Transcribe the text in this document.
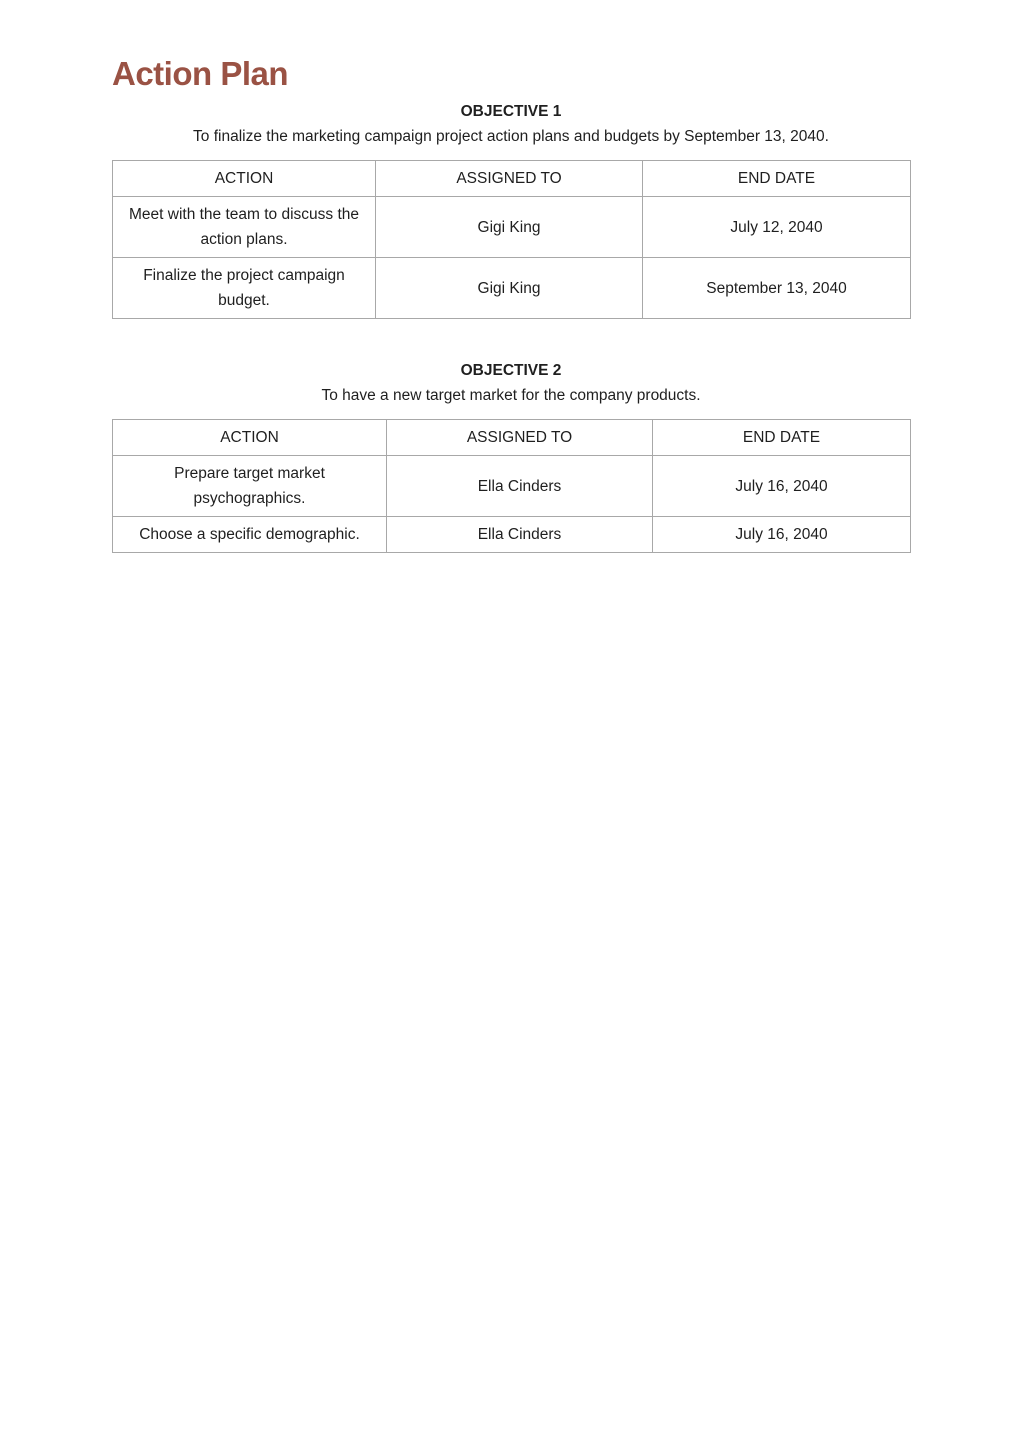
Action Plan

OBJECTIVE 1

To finalize the marketing campaign project action plans and budgets by September 13, 2040.

ACTION	ASSIGNED TO	END DATE
Meet with the team to discuss the action plans.	Gigi King	July 12, 2040
Finalize the project campaign budget.	Gigi King	September 13, 2040

OBJECTIVE 2

To have a new target market for the company products.

ACTION	ASSIGNED TO	END DATE
Prepare target market psychographics.	Ella Cinders	July 16, 2040
Choose a specific demographic.	Ella Cinders	July 16, 2040
